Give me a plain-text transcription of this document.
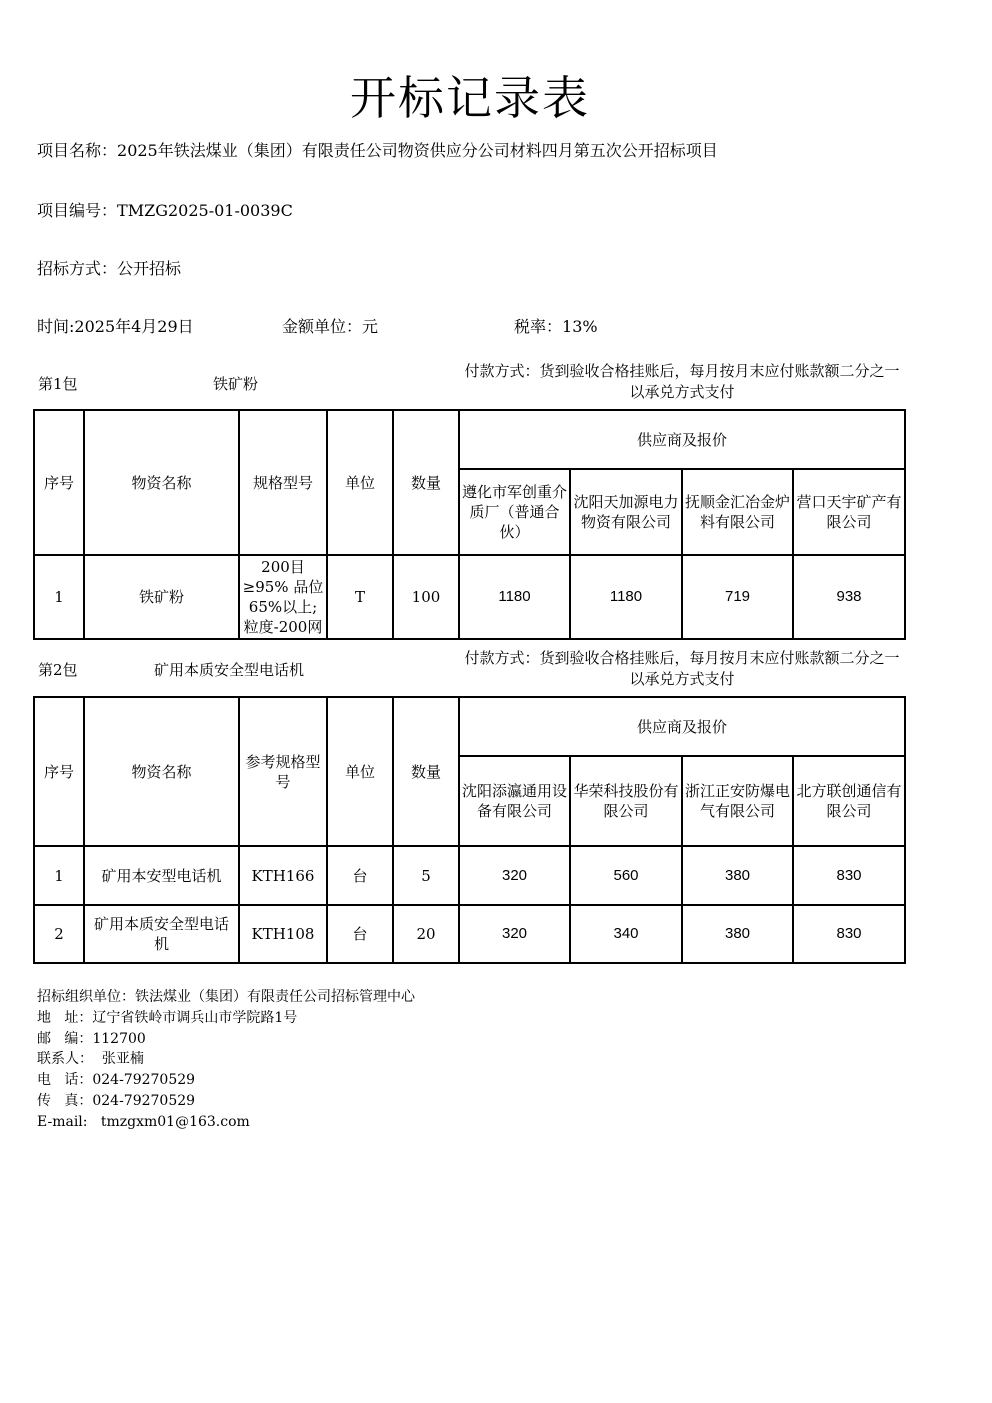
开标记录表
项目名称：2025年铁法煤业（集团）有限责任公司物资供应分公司材料四月第五次公开招标项目
项目编号：TMZG2025-01-0039C
招标方式：公开招标
时间:2025年4月29日	金额单位：元	税率：13%
第1包	铁矿粉
付款方式：货到验收合格挂账后，每月按月末应付账款额二分之一以承兑方式支付
序号	物资名称	规格型号	单位	数量	供应商及报价			
					遵化市军创重介质厂（普通合伙）	沈阳天加源电力物资有限公司	抚顺金汇冶金炉料有限公司	营口天宇矿产有限公司
1	铁矿粉	200目 ≥95% 品位65%以上;粒度-200网	T	100	1180	1180	719	938
第2包	矿用本质安全型电话机
付款方式：货到验收合格挂账后，每月按月末应付账款额二分之一以承兑方式支付
序号	物资名称	参考规格型号	单位	数量	供应商及报价			
					沈阳添瀛通用设备有限公司	华荣科技股份有限公司	浙江正安防爆电气有限公司	北方联创通信有限公司
1	矿用本安型电话机	KTH166	台	5	320	560	380	830
2	矿用本质安全型电话机	KTH108	台	20	320	340	380	830
招标组织单位：铁法煤业（集团）有限责任公司招标管理中心
地   址：辽宁省铁岭市调兵山市学院路1号
邮   编：112700
联系人：  张亚楠
电   话：024-79270529
传   真：024-79270529
E-mail:   tmzgxm01@163.com
